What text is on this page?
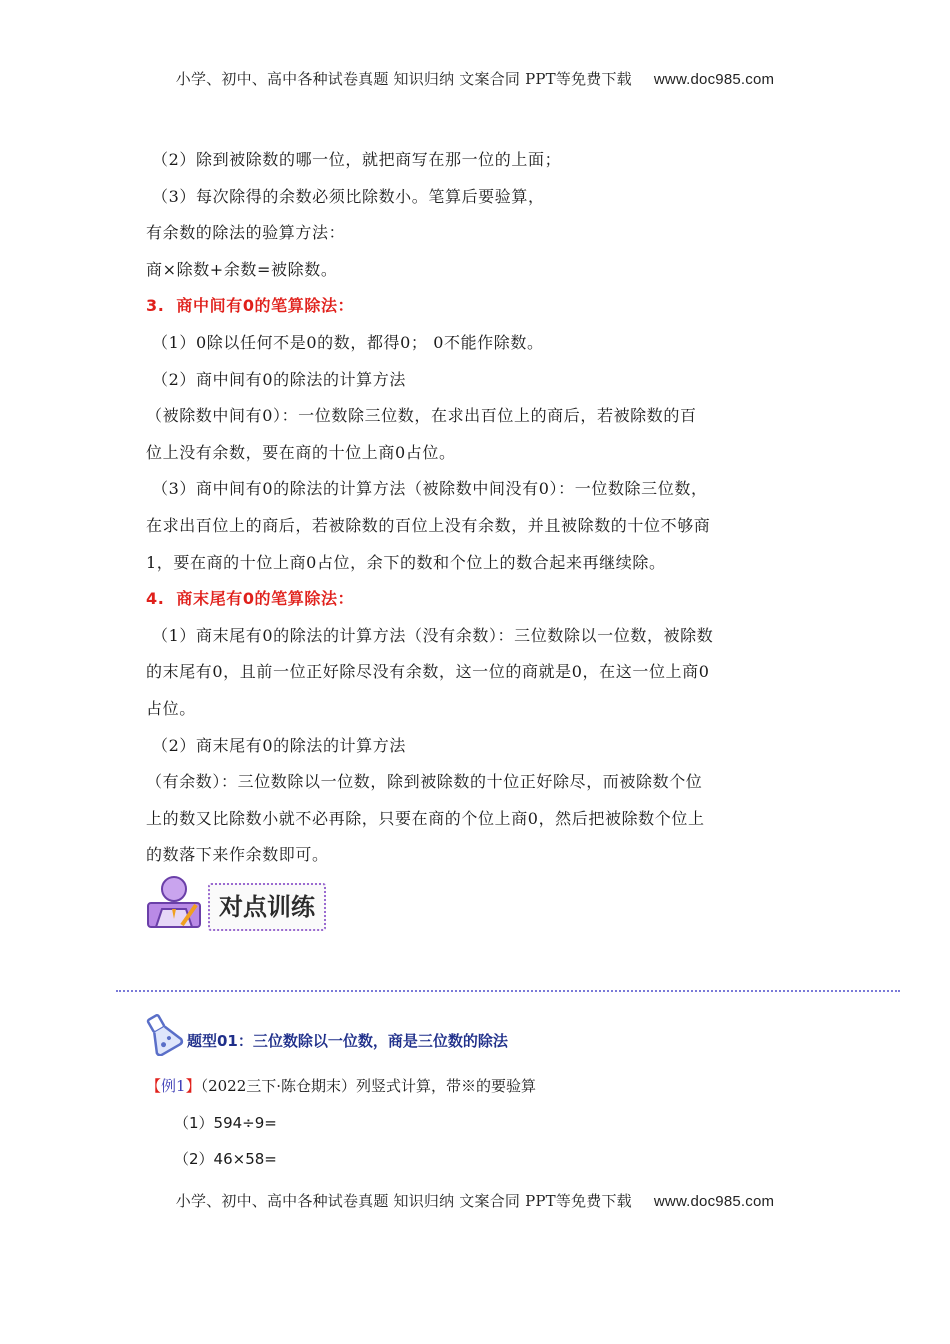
小学、初中、高中各种试卷真题 知识归纳 文案合同 PPT等免费下载 www.doc985.com
（2）除到被除数的哪一位，就把商写在那一位的上面；
（3）每次除得的余数必须比除数小。笔算后要验算，
有余数的除法的验算方法：
商×除数+余数=被除数。
3. 商中间有0的笔算除法：
（1）0除以任何不是0的数，都得0； 0不能作除数。
（2）商中间有0的除法的计算方法
（被除数中间有0）：一位数除三位数，在求出百位上的商后，若被除数的百
位上没有余数，要在商的十位上商0占位。
（3）商中间有0的除法的计算方法（被除数中间没有0）：一位数除三位数，
在求出百位上的商后，若被除数的百位上没有余数，并且被除数的十位不够商
1，要在商的十位上商0占位，余下的数和个位上的数合起来再继续除。
4. 商末尾有0的笔算除法：
（1）商末尾有0的除法的计算方法（没有余数）：三位数除以一位数，被除数
的末尾有0，且前一位正好除尽没有余数，这一位的商就是0，在这一位上商0
占位。
（2）商末尾有0的除法的计算方法
（有余数）：三位数除以一位数，除到被除数的十位正好除尽，而被除数个位
上的数又比除数小就不必再除，只要在商的个位上商0，然后把被除数个位上
的数落下来作余数即可。
对点训练
题型01：三位数除以一位数，商是三位数的除法
【例1】（2022三下·陈仓期末）列竖式计算，带※的要验算
（1）594÷9=
（2）46×58=
小学、初中、高中各种试卷真题 知识归纳 文案合同 PPT等免费下载 www.doc985.com
